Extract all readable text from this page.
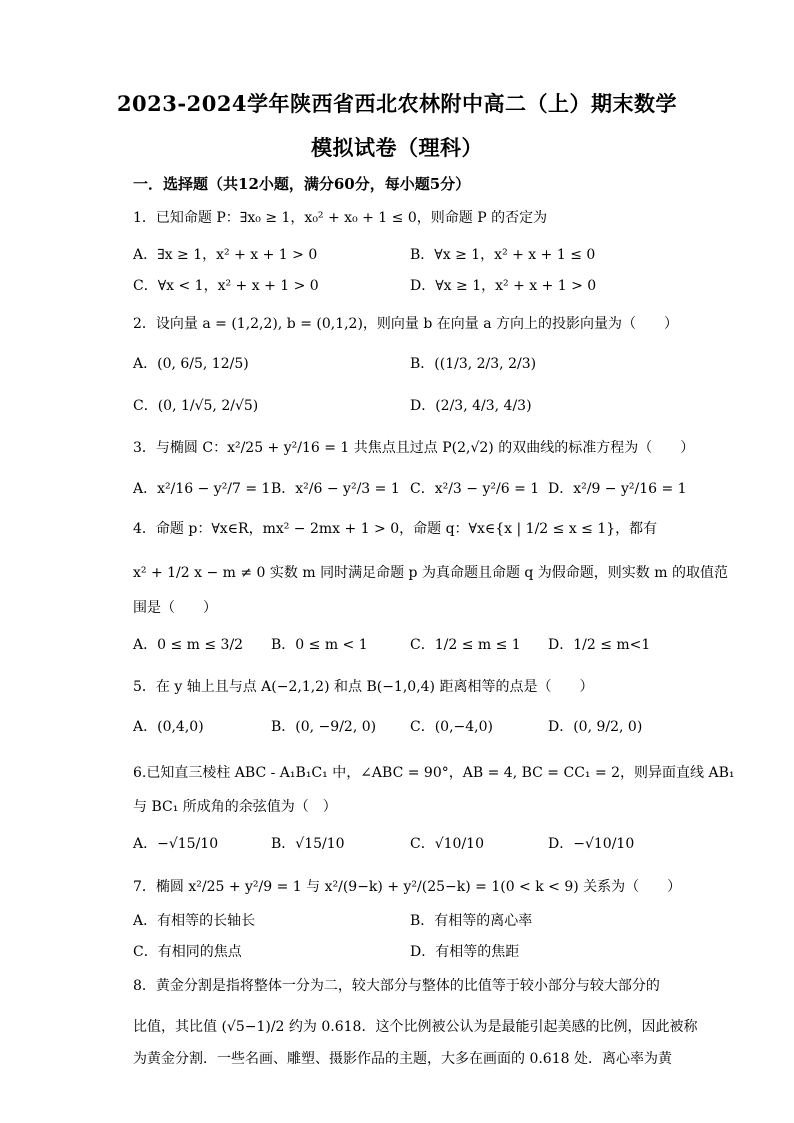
2023-2024学年陕西省西北农林附中高二（上）期末数学
模拟试卷（理科）
一．选择题（共12小题，满分60分，每小题5分）
1．已知命题 P：∃x₀ ≥ 1，x₀² + x₀ + 1 ≤ 0，则命题 P 的否定为
A．∃x ≥ 1，x² + x + 1 > 0	B．∀x ≥ 1，x² + x + 1 ≤ 0
C．∀x < 1，x² + x + 1 > 0	D．∀x ≥ 1，x² + x + 1 > 0
2．设向量 a = (1,2,2), b = (0,1,2)，则向量 b 在向量 a 方向上的投影向量为（　　）
A．(0, 6/5, 12/5)	B．((1/3, 2/3, 2/3)
C．(0, 1/√5, 2/√5)	D．(2/3, 4/3, 4/3)
3．与椭圆 C：x²/25 + y²/16 = 1 共焦点且过点 P(2,√2) 的双曲线的标准方程为（　　）
A．x²/16 − y²/7 = 1 B．x²/6 − y²/3 = 1 C．x²/3 − y²/6 = 1 D．x²/9 − y²/16 = 1
4．命题 p：∀x∈R，mx² − 2mx + 1 > 0，命题 q：∀x∈{x | 1/2 ≤ x ≤ 1}，都有
x² + 1/2 x − m ≠ 0 实数 m 同时满足命题 p 为真命题且命题 q 为假命题，则实数 m 的取值范
围是（　　）
A．0 ≤ m ≤ 3/2 B．0 ≤ m < 1	C．1/2 ≤ m ≤ 1 D．1/2 ≤ m<1
5．在 y 轴上且与点 A(−2,1,2) 和点 B(−1,0,4) 距离相等的点是（　　）
A．(0,4,0)	B．(0, −9/2, 0) C．(0,−4,0)	D．(0, 9/2, 0)
6.已知直三棱柱 ABC - A₁B₁C₁ 中，∠ABC = 90°，AB = 4, BC = CC₁ = 2，则异面直线 AB₁
与 BC₁ 所成角的余弦值为（　）
A．−√15/10	B．√15/10	C．√10/10	D．−√10/10
7．椭圆 x²/25 + y²/9 = 1 与 x²/(9−k) + y²/(25−k) = 1(0 < k < 9) 关系为（　　）
A．有相等的长轴长	B．有相等的离心率
C．有相同的焦点	D．有相等的焦距
8．黄金分割是指将整体一分为二，较大部分与整体的比值等于较小部分与较大部分的
比值，其比值 (√5−1)/2 约为 0.618．这个比例被公认为是最能引起美感的比例，因此被称
为黄金分割．一些名画、雕塑、摄影作品的主题，大多在画面的 0.618 处．离心率为黄
